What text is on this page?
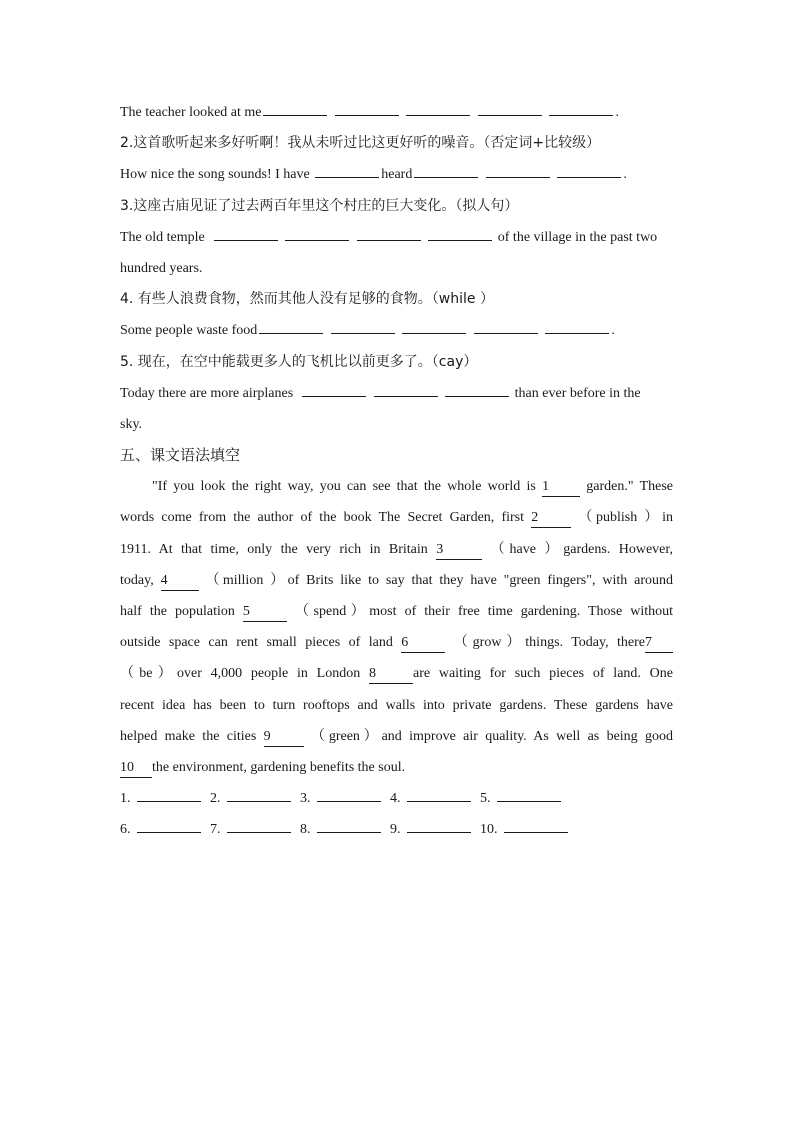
The teacher looked at me	.
2.这首歌听起来多好听啊！我从未听过比这更好听的噪音。（否定词+比较级）
How nice the song sounds! I have	heard	.
3.这座古庙见证了过去两百年里这个村庄的巨大变化。（拟人句）
The old temple	of the village in the past two
hundred years.
4. 有些人浪费食物，然而其他人没有足够的食物。（while ）
Some people waste food	.
5. 现在，在空中能载更多人的飞机比以前更多了。（cay）
Today there are more airplanes	than ever before in the
sky.
五、课文语法填空
"If you look the right way, you can see that the whole world is 1	garden." These
words come from the author of the book The Secret Garden, first 2	（publish ）in
1911. At that time, only the very rich in Britain 3	（have ）gardens. However,
today, 4	（million ）of Brits like to say that they have "green fingers", with around
half the population 5	（spend）most of their free time gardening. Those without
outside space can rent small pieces of land 6	（grow）things. Today, there7
（be）over 4,000 people in London 8	are waiting for such pieces of land. One
recent idea has been to turn rooftops and walls into private gardens. These gardens have
helped make the cities 9	（green）and improve air quality. As well as being good
10 the environment, gardening benefits the soul.
1.	2.	3.	4.	5.
6.	7.	8.	9.	10.
